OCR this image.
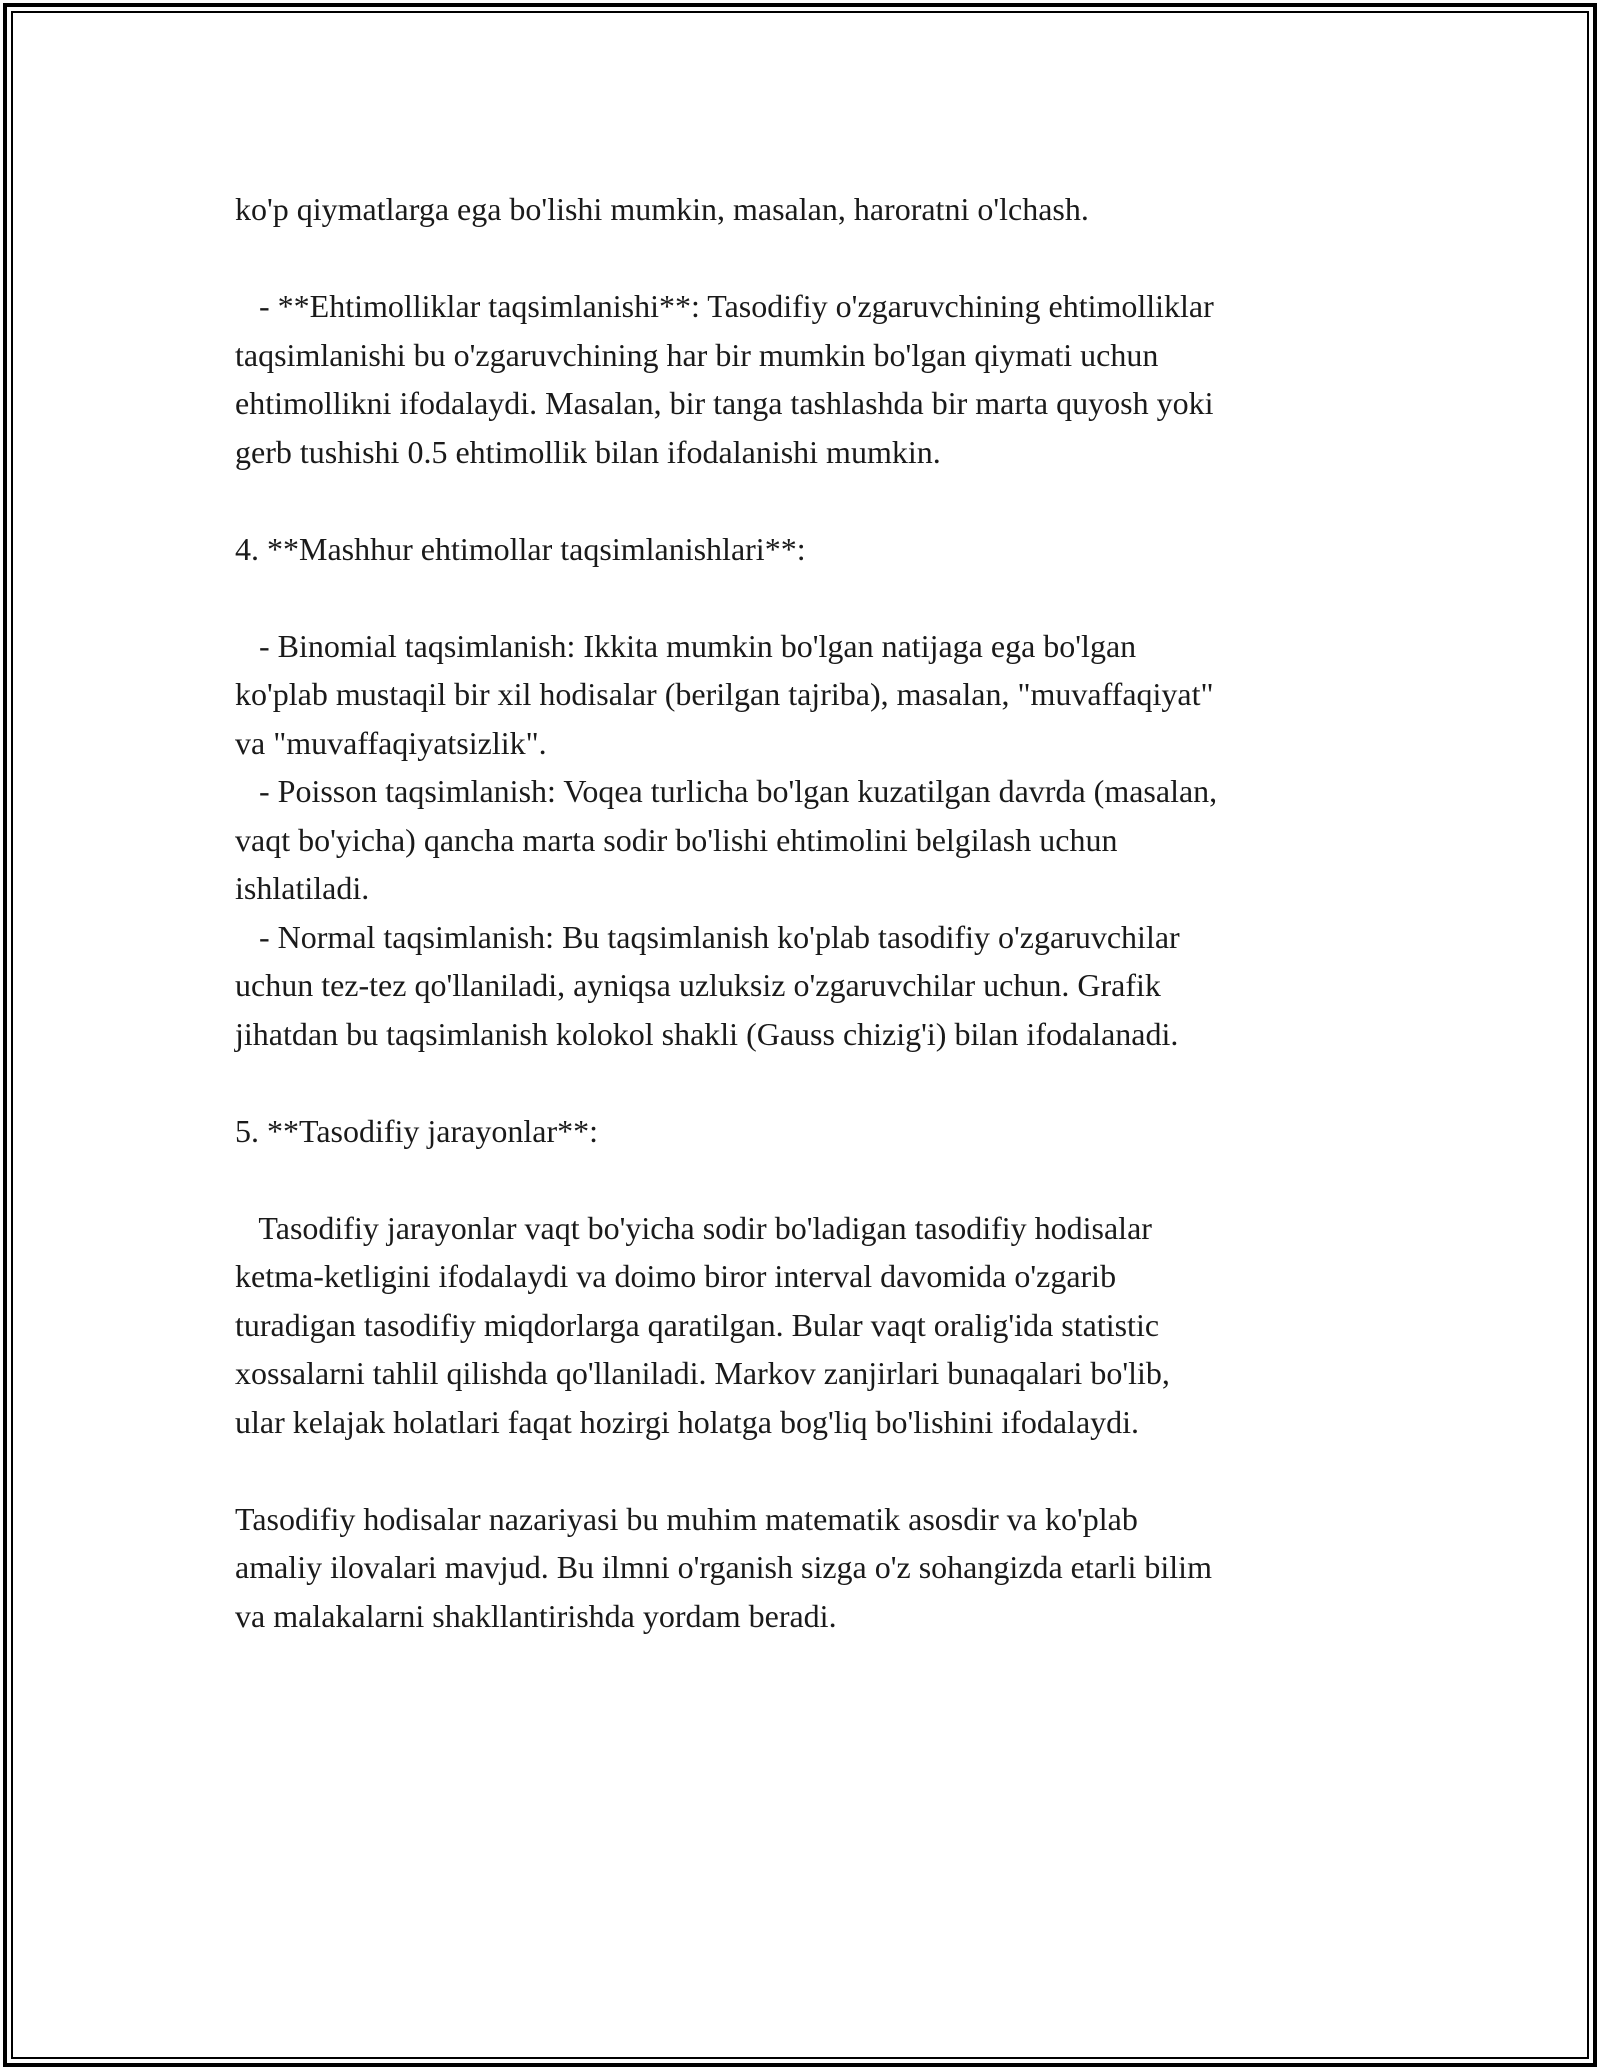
ko'p qiymatlarga ega bo'lishi mumkin, masalan, haroratni o'lchash.

- **Ehtimolliklar taqsimlanishi**: Tasodifiy o'zgaruvchining ehtimolliklar
taqsimlanishi bu o'zgaruvchining har bir mumkin bo'lgan qiymati uchun
ehtimollikni ifodalaydi. Masalan, bir tanga tashlashda bir marta quyosh yoki
gerb tushishi 0.5 ehtimollik bilan ifodalanishi mumkin.

4. **Mashhur ehtimollar taqsimlanishlari**:

- Binomial taqsimlanish: Ikkita mumkin bo'lgan natijaga ega bo'lgan
ko'plab mustaqil bir xil hodisalar (berilgan tajriba), masalan, "muvaffaqiyat"
va "muvaffaqiyatsizlik".
- Poisson taqsimlanish: Voqea turlicha bo'lgan kuzatilgan davrda (masalan,
vaqt bo'yicha) qancha marta sodir bo'lishi ehtimolini belgilash uchun
ishlatiladi.
- Normal taqsimlanish: Bu taqsimlanish ko'plab tasodifiy o'zgaruvchilar
uchun tez-tez qo'llaniladi, ayniqsa uzluksiz o'zgaruvchilar uchun. Grafik
jihatdan bu taqsimlanish kolokol shakli (Gauss chizig'i) bilan ifodalanadi.

5. **Tasodifiy jarayonlar**:

Tasodifiy jarayonlar vaqt bo'yicha sodir bo'ladigan tasodifiy hodisalar
ketma-ketligini ifodalaydi va doimo biror interval davomida o'zgarib
turadigan tasodifiy miqdorlarga qaratilgan. Bular vaqt oralig'ida statistic
xossalarni tahlil qilishda qo'llaniladi. Markov zanjirlari bunaqalari bo'lib,
ular kelajak holatlari faqat hozirgi holatga bog'liq bo'lishini ifodalaydi.

Tasodifiy hodisalar nazariyasi bu muhim matematik asosdir va ko'plab
amaliy ilovalari mavjud. Bu ilmni o'rganish sizga o'z sohangizda etarli bilim
va malakalarni shakllantirishda yordam beradi.
